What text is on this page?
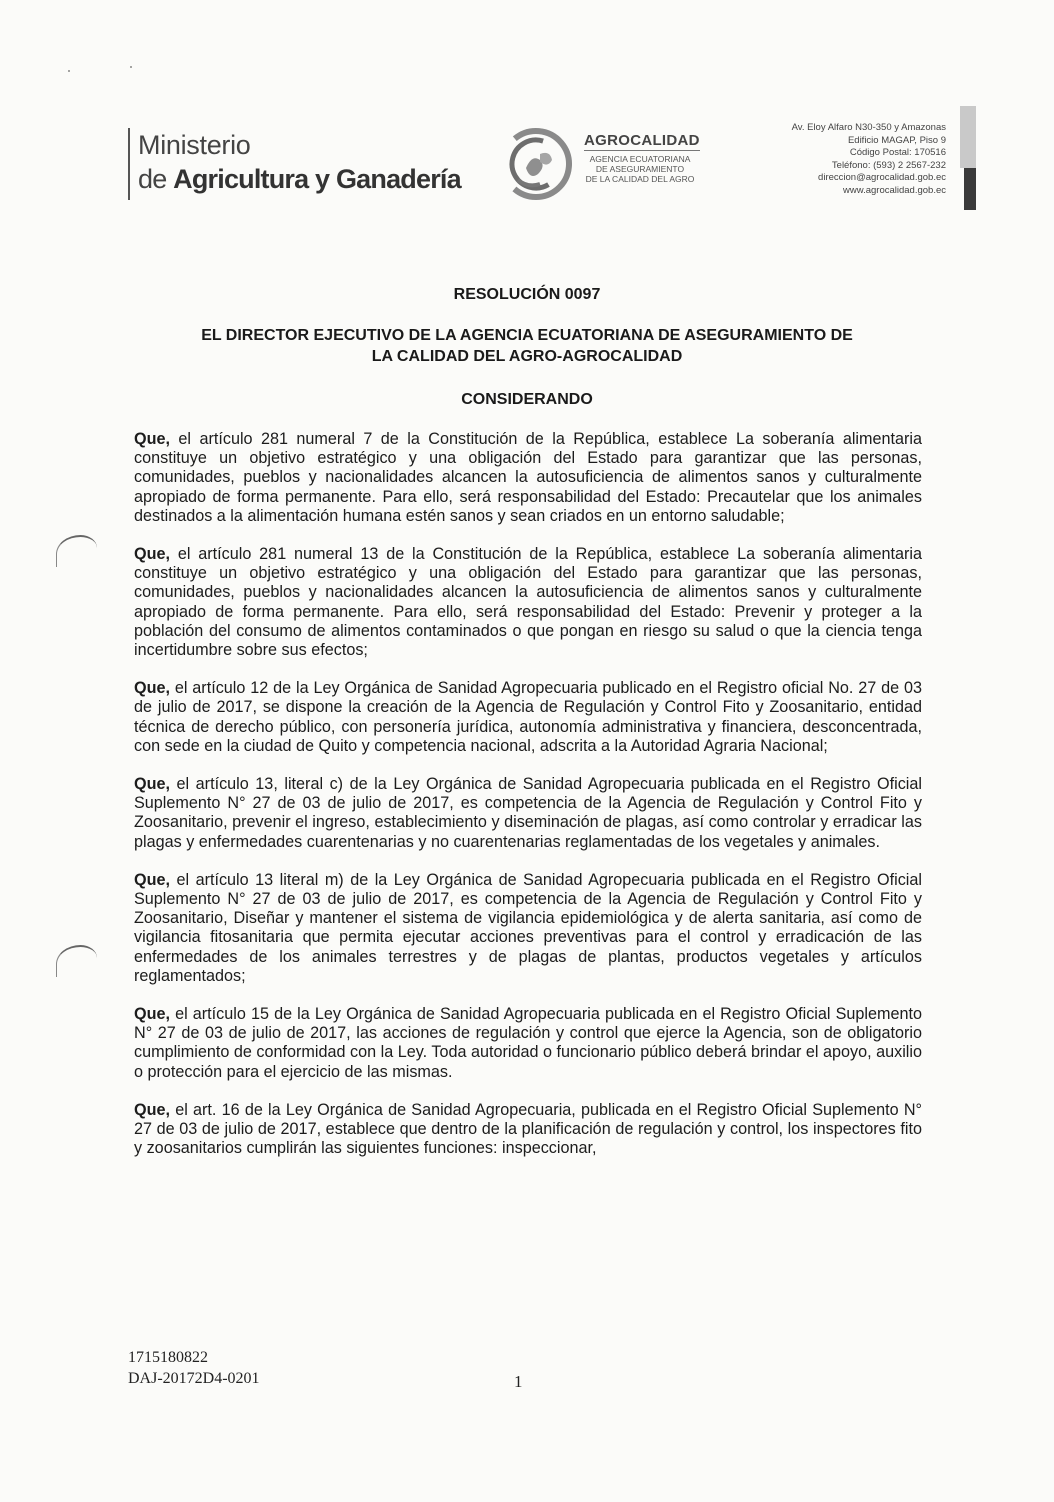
Ministerio
de Agricultura y Ganadería
AGROCALIDAD
AGENCIA ECUATORIANA
DE ASEGURAMIENTO
DE LA CALIDAD DEL AGRO
Av. Eloy Alfaro N30-350 y Amazonas
Edificio MAGAP, Piso 9
Código Postal: 170516
Teléfono: (593) 2 2567-232
direccion@agrocalidad.gob.ec
www.agrocalidad.gob.ec
RESOLUCIÓN 0097
EL DIRECTOR EJECUTIVO DE LA AGENCIA ECUATORIANA DE ASEGURAMIENTO DE
LA CALIDAD DEL AGRO-AGROCALIDAD
CONSIDERANDO

Que, el artículo 281 numeral 7 de la Constitución de la República, establece La soberanía alimentaria constituye un objetivo estratégico y una obligación del Estado para garantizar que las personas, comunidades, pueblos y nacionalidades alcancen la autosuficiencia de alimentos sanos y culturalmente apropiado de forma permanente. Para ello, será responsabilidad del Estado: Precautelar que los animales destinados a la alimentación humana estén sanos y sean criados en un entorno saludable;

Que, el artículo 281 numeral 13 de la Constitución de la República, establece La soberanía alimentaria constituye un objetivo estratégico y una obligación del Estado para garantizar que las personas, comunidades, pueblos y nacionalidades alcancen la autosuficiencia de alimentos sanos y culturalmente apropiado de forma permanente. Para ello, será responsabilidad del Estado: Prevenir y proteger a la población del consumo de alimentos contaminados o que pongan en riesgo su salud o que la ciencia tenga incertidumbre sobre sus efectos;

Que, el artículo 12 de la Ley Orgánica de Sanidad Agropecuaria publicado en el Registro oficial No. 27 de 03 de julio de 2017, se dispone la creación de la Agencia de Regulación y Control Fito y Zoosanitario, entidad técnica de derecho público, con personería jurídica, autonomía administrativa y financiera, desconcentrada, con sede en la ciudad de Quito y competencia nacional, adscrita a la Autoridad Agraria Nacional;

Que, el artículo 13, literal c) de la Ley Orgánica de Sanidad Agropecuaria publicada en el Registro Oficial Suplemento N° 27 de 03 de julio de 2017, es competencia de la Agencia de Regulación y Control Fito y Zoosanitario, prevenir el ingreso, establecimiento y diseminación de plagas, así como controlar y erradicar las plagas y enfermedades cuarentenarias y no cuarentenarias reglamentadas de los vegetales y animales.

Que, el artículo 13 literal m) de la Ley Orgánica de Sanidad Agropecuaria publicada en el Registro Oficial Suplemento N° 27 de 03 de julio de 2017, es competencia de la Agencia de Regulación y Control Fito y Zoosanitario, Diseñar y mantener el sistema de vigilancia epidemiológica y de alerta sanitaria, así como de vigilancia fitosanitaria que permita ejecutar acciones preventivas para el control y erradicación de las enfermedades de los animales terrestres y de plagas de plantas, productos vegetales y artículos reglamentados;

Que, el artículo 15 de la Ley Orgánica de Sanidad Agropecuaria publicada en el Registro Oficial Suplemento N° 27 de 03 de julio de 2017, las acciones de regulación y control que ejerce la Agencia, son de obligatorio cumplimiento de conformidad con la Ley. Toda autoridad o funcionario público deberá brindar el apoyo, auxilio o protección para el ejercicio de las mismas.

Que, el art. 16 de la Ley Orgánica de Sanidad Agropecuaria, publicada en el Registro Oficial Suplemento N° 27 de 03 de julio de 2017, establece que dentro de la planificación de regulación y control, los inspectores fito y zoosanitarios cumplirán las siguientes funciones: inspeccionar,

1715180822
DAJ-20172D4-0201	1
